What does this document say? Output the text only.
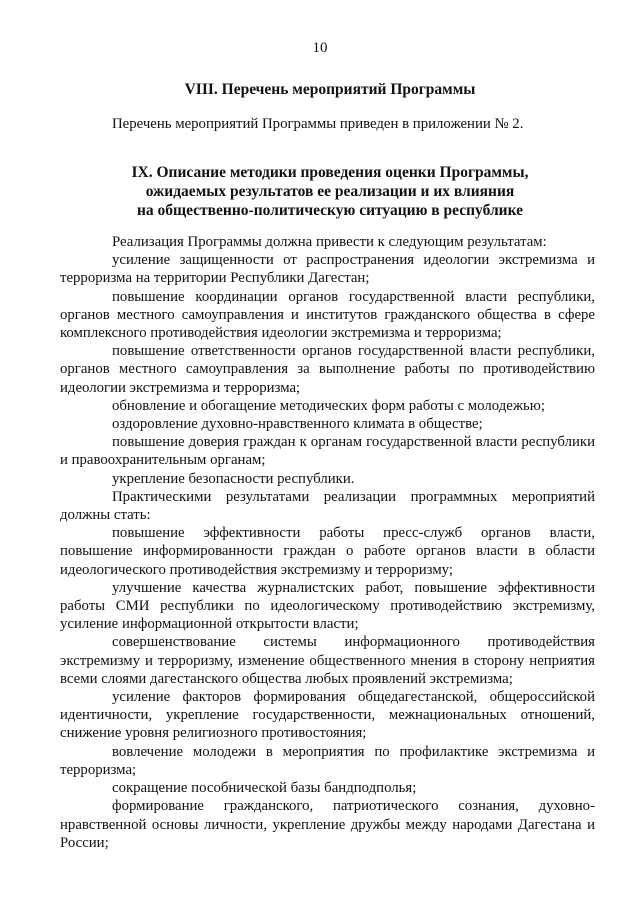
10
VIII. Перечень мероприятий Программы

Перечень мероприятий Программы приведен в приложении № 2.

IX. Описание методики проведения оценки Программы,
ожидаемых результатов ее реализации и их влияния
на общественно-политическую ситуацию в республике

Реализация Программы должна привести к следующим результатам:

усиление защищенности от распространения идеологии экстремизма и терроризма на территории Республики Дагестан;

повышение координации органов государственной власти республики, органов местного самоуправления и институтов гражданского общества в сфере комплексного противодействия идеологии экстремизма и терроризма;

повышение ответственности органов государственной власти республики, органов местного самоуправления за выполнение работы по противодействию идеологии экстремизма и терроризма;

обновление и обогащение методических форм работы с молодежью;

оздоровление духовно-нравственного климата в обществе;

повышение доверия граждан к органам государственной власти республики и правоохранительным органам;

укрепление безопасности республики.

Практическими результатами реализации программных мероприятий должны стать:

повышение эффективности работы пресс-служб органов власти, повышение информированности граждан о работе органов власти в области идеологического противодействия экстремизму и терроризму;

улучшение качества журналистских работ, повышение эффективности работы СМИ республики по идеологическому противодействию экстремизму, усиление информационной открытости власти;

совершенствование системы информационного противодействия экстремизму и терроризму, изменение общественного мнения в сторону неприятия всеми слоями дагестанского общества любых проявлений экстремизма;

усиление факторов формирования общедагестанской, общероссийской идентичности, укрепление государственности, межнациональных отношений, снижение уровня религиозного противостояния;

вовлечение молодежи в мероприятия по профилактике экстремизма и терроризма;

сокращение пособнической базы бандподполья;

формирование гражданского, патриотического сознания, духовно-нравственной основы личности, укрепление дружбы между народами Дагестана и России;
